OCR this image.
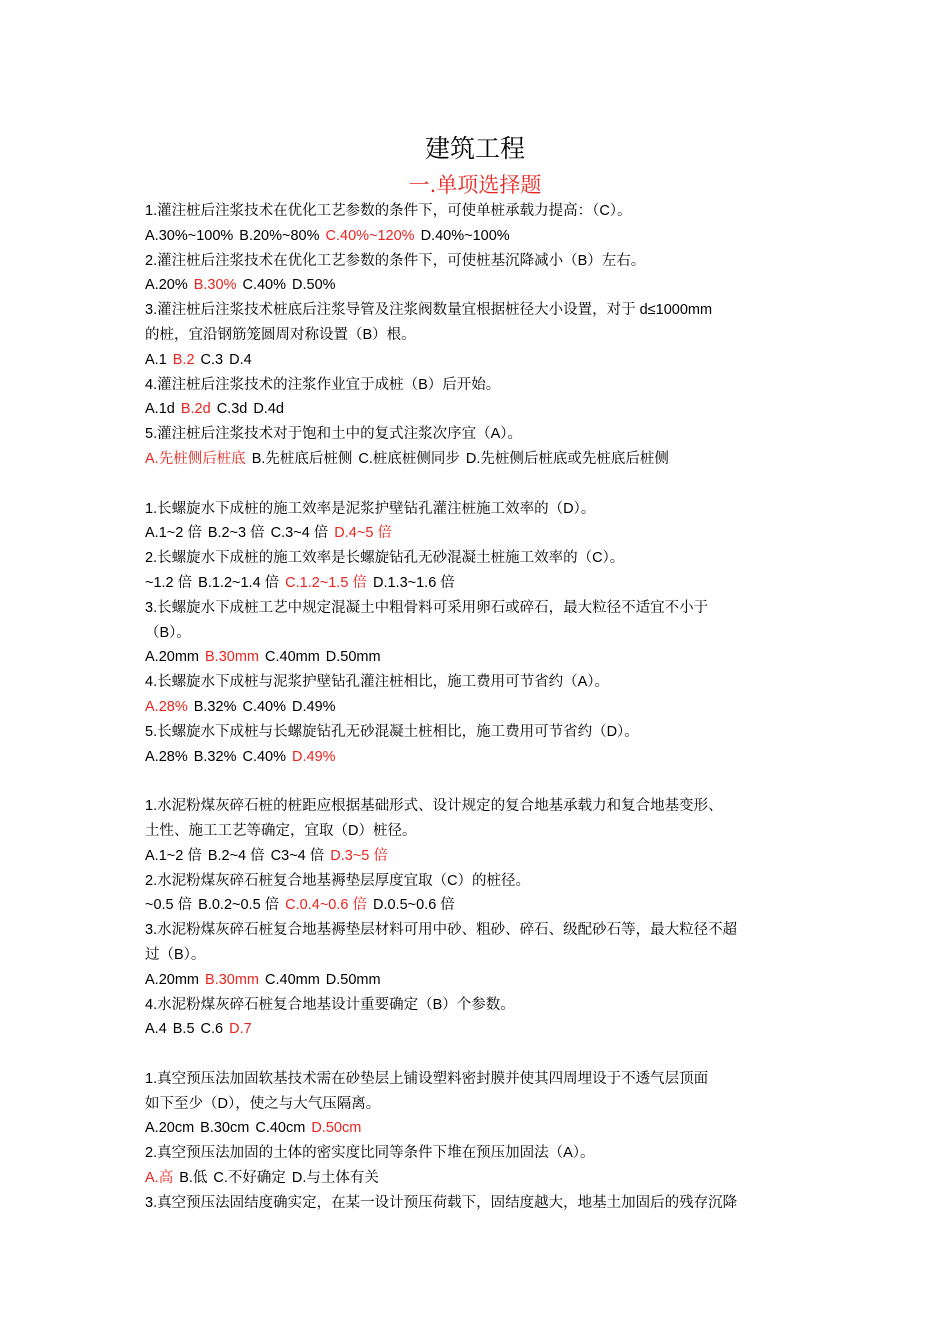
建筑工程
一.单项选择题
1.灌注桩后注浆技术在优化工艺参数的条件下，可使单桩承载力提高：（C）。
A.30%~100% B.20%~80% C.40%~120% D.40%~100%
2.灌注桩后注浆技术在优化工艺参数的条件下，可使桩基沉降减小（B）左右。
A.20% B.30% C.40% D.50%
3.灌注桩后注浆技术桩底后注浆导管及注浆阀数量宜根据桩径大小设置，对于 d≤1000mm
的桩，宜沿钢筋笼圆周对称设置（B）根。
A.1 B.2 C.3 D.4
4.灌注桩后注浆技术的注浆作业宜于成桩（B）后开始。
A.1d B.2d C.3d D.4d
5.灌注桩后注浆技术对于饱和土中的复式注浆次序宜（A）。
A.先桩侧后桩底 B.先桩底后桩侧 C.桩底桩侧同步 D.先桩侧后桩底或先桩底后桩侧
1.长螺旋水下成桩的施工效率是泥浆护壁钻孔灌注桩施工效率的（D）。
A.1~2 倍 B.2~3 倍 C.3~4 倍 D.4~5 倍
2.长螺旋水下成桩的施工效率是长螺旋钻孔无砂混凝土桩施工效率的（C）。
~1.2 倍 B.1.2~1.4 倍 C.1.2~1.5 倍 D.1.3~1.6 倍
3.长螺旋水下成桩工艺中规定混凝土中粗骨料可采用卵石或碎石，最大粒径不适宜不小于
（B）。
A.20mm B.30mm C.40mm D.50mm
4.长螺旋水下成桩与泥浆护壁钻孔灌注桩相比，施工费用可节省约（A）。
A.28% B.32% C.40% D.49%
5.长螺旋水下成桩与长螺旋钻孔无砂混凝土桩相比，施工费用可节省约（D）。
A.28% B.32% C.40% D.49%
1.水泥粉煤灰碎石桩的桩距应根据基础形式、设计规定的复合地基承载力和复合地基变形、
土性、施工工艺等确定，宜取（D）桩径。
A.1~2 倍 B.2~4 倍 C3~4 倍 D.3~5 倍
2.水泥粉煤灰碎石桩复合地基褥垫层厚度宜取（C）的桩径。
~0.5 倍 B.0.2~0.5 倍 C.0.4~0.6 倍 D.0.5~0.6 倍
3.水泥粉煤灰碎石桩复合地基褥垫层材料可用中砂、粗砂、碎石、级配砂石等，最大粒径不超
过（B）。
A.20mm B.30mm C.40mm D.50mm
4.水泥粉煤灰碎石桩复合地基设计重要确定（B）个参数。
A.4 B.5 C.6 D.7
1.真空预压法加固软基技术需在砂垫层上铺设塑料密封膜并使其四周埋设于不透气层顶面
如下至少（D），使之与大气压隔离。
A.20cm B.30cm C.40cm D.50cm
2.真空预压法加固的土体的密实度比同等条件下堆在预压加固法（A）。
A.高 B.低 C.不好确定 D.与土体有关
3.真空预压法固结度确实定，在某一设计预压荷载下，固结度越大，地基土加固后的残存沉降
